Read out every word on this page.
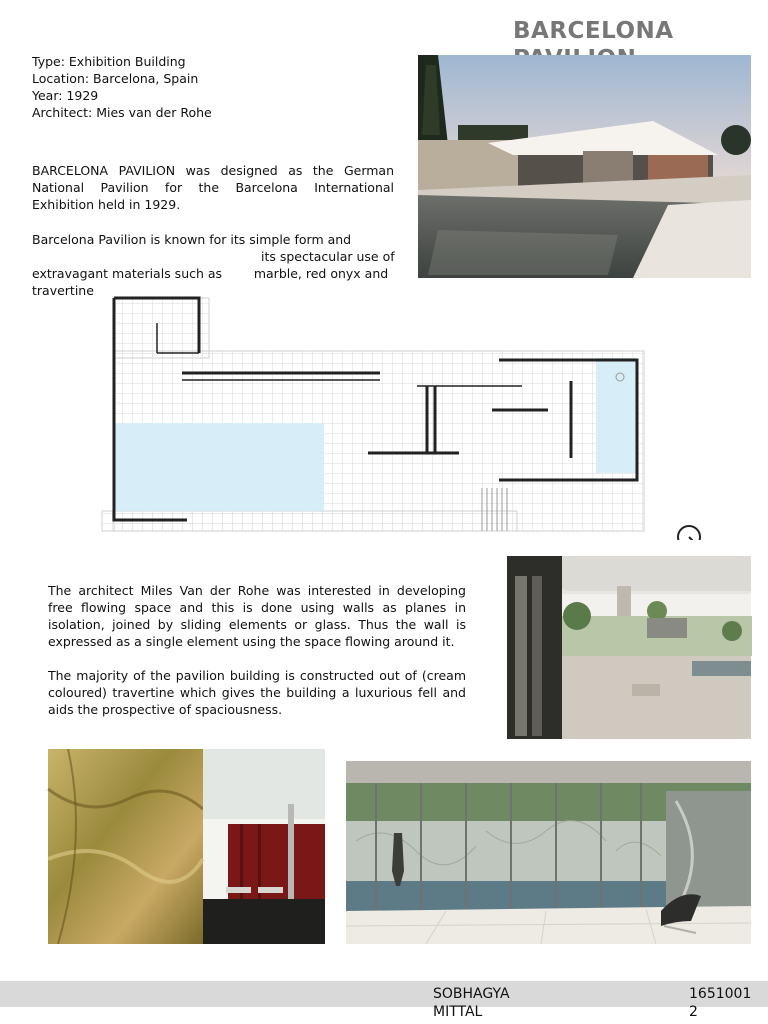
BARCELONA
Type: Exhibition Building
Location: Barcelona, Spain
Year: 1929
Architect: Mies van der Rohe
BARCELONA PAVILION was designed as the German National Pavilion for the Barcelona International Exhibition held in 1929.
Barcelona Pavilion is known for its simple form and
its spectacular use of
extravagant materials such as        marble, red onyx and
travertine
The architect Miles Van der Rohe was interested in developing free flowing space and this is done using walls as planes in isolation, joined by sliding elements or glass. Thus the wall is expressed as a single element using the space flowing around it.
The majority of the pavilion building is constructed out of (cream coloured) travertine which gives the building a luxurious fell and aids the prospective of spaciousness.
SOBHAGYA MITTAL
16510012
